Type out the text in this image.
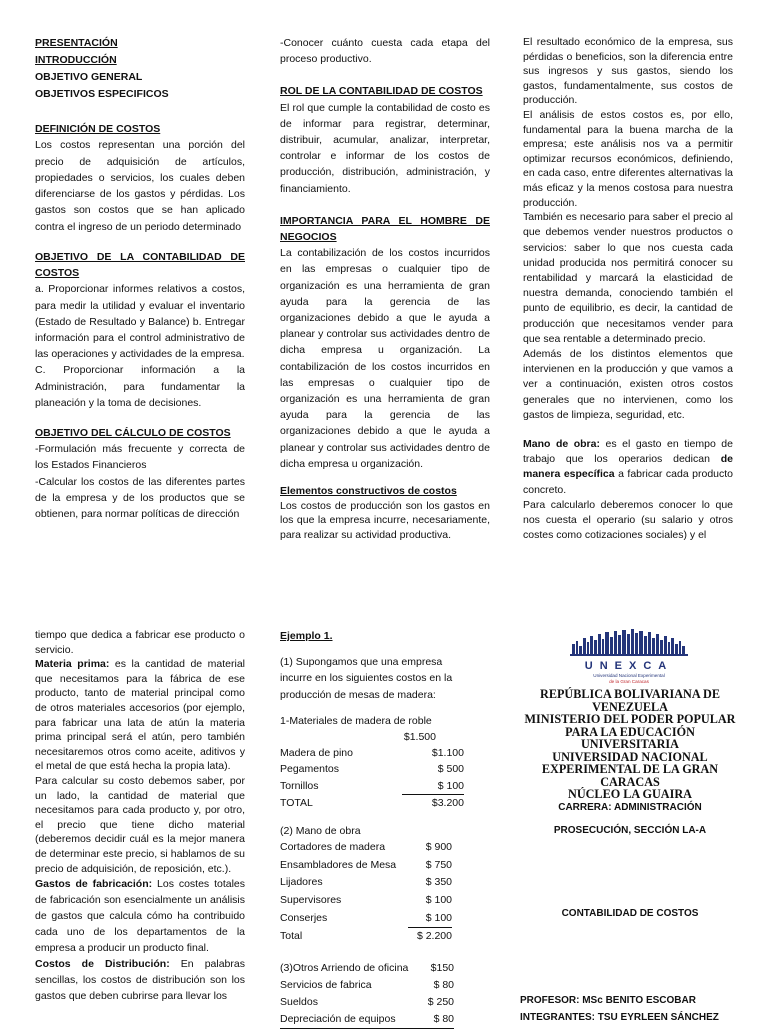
PRESENTACIÓN

INTRODUCCIÓN

OBJETIVO GENERAL

OBJETIVOS ESPECIFICOS

DEFINICIÓN DE COSTOS

Los costos representan una porción del precio de adquisición de artículos, propiedades o servicios, los cuales deben diferenciarse de los gastos y pérdidas. Los gastos son costos que se han aplicado contra el ingreso de un periodo determinado

OBJETIVO DE LA CONTABILIDAD DE COSTOS

a. Proporcionar informes relativos a costos, para medir la utilidad y evaluar el inventario (Estado de Resultado y Balance) b. Entregar información para el control administrativo de las operaciones y actividades de la empresa.

C. Proporcionar información a la Administración, para fundamentar la planeación y la toma de decisiones.

OBJETIVO DEL CÁLCULO DE COSTOS

-Formulación más frecuente y correcta de los Estados Financieros

-Calcular los costos de las diferentes partes de la empresa y de los productos que se obtienen, para normar políticas de dirección

-Conocer cuánto cuesta cada etapa del proceso productivo.

ROL DE LA CONTABILIDAD DE COSTOS

El rol que cumple la contabilidad de costo es de informar para registrar, determinar, distribuir, acumular, analizar, interpretar, controlar e informar de los costos de producción, distribución, administración, y financiamiento.

IMPORTANCIA PARA EL HOMBRE DE NEGOCIOS

La contabilización de los costos incurridos en las empresas o cualquier tipo de organización es una herramienta de gran ayuda para la gerencia de las organizaciones debido a que le ayuda a planear y controlar sus actividades dentro de dicha empresa u organización. La contabilización de los costos incurridos en las empresas o cualquier tipo de organización es una herramienta de gran ayuda para la gerencia de las organizaciones debido a que le ayuda a planear y controlar sus actividades dentro de dicha empresa u organización.

Elementos constructivos de costos

Los costos de producción son los gastos en los que la empresa incurre, necesariamente, para realizar su actividad productiva.

El resultado económico de la empresa, sus pérdidas o beneficios, son la diferencia entre sus ingresos y sus gastos, siendo los gastos, fundamentalmente, sus costos de producción.

El análisis de estos costos es, por ello, fundamental para la buena marcha de la empresa; este análisis nos va a permitir optimizar recursos económicos, definiendo, en cada caso, entre diferentes alternativas la más eficaz y la menos costosa para nuestra producción.

También es necesario para saber el precio al que debemos vender nuestros productos o servicios: saber lo que nos cuesta cada unidad producida nos permitirá conocer su rentabilidad y marcará la elasticidad de nuestra demanda, conociendo también el punto de equilibrio, es decir, la cantidad de producción que necesitamos vender para que sea rentable a determinado precio.

Además de los distintos elementos que intervienen en la producción y que vamos a ver a continuación, existen otros costos generales que no intervienen, como los gastos de limpieza, seguridad, etc.

Mano de obra: es el gasto en tiempo de trabajo que los operarios dedican de manera específica a fabricar cada producto concreto.

Para calcularlo deberemos conocer lo que nos cuesta el operario (su salario y otros costes como cotizaciones sociales) y el

tiempo que dedica a fabricar ese producto o servicio.

Materia prima: es la cantidad de material que necesitamos para la fábrica de ese producto, tanto de material principal como de otros materiales accesorios (por ejemplo, para fabricar una lata de atún la materia prima principal será el atún, pero también necesitaremos otros como aceite, aditivos y el metal de que está hecha la propia lata).

Para calcular su costo debemos saber, por un lado, la cantidad de material que necesitamos para cada producto y, por otro, el precio que tiene dicho material (deberemos decidir cuál es la mejor manera de determinar este precio, si hablamos de su precio de adquisición, de reposición, etc.).

Gastos de fabricación: Los costes totales de fabricación son esencialmente un análisis de gastos que calcula cómo ha contribuido cada uno de los departamentos de la empresa a producir un producto final.

Costos de Distribución: En palabras sencillas, los costos de distribución son los gastos que deben cubrirse para llevar los

Ejemplo 1.

(1) Supongamos que una empresa incurre en los siguientes costos en la producción de mesas de madera:

1-Materiales de madera de roble

$1.500
Madera de pino	$1.100
Pegamentos	$ 500
Tornillos	$ 100
TOTAL	$3.200

(2) Mano de obra

Cortadores de madera	$ 900
Ensambladores de Mesa	$ 750
Lijadores	$ 350
Supervisores	$ 100
Conserjes	$ 100
Total	$ 2.200
(3)Otros Arriendo de oficina	$150
Servicios de fabrica	$ 80
Sueldos	$ 250
Depreciación de equipos	$ 80
UNEXCA
Universidad Nacional Experimental
de la Gran Caracas
REPÚBLICA BOLIVARIANA DE
VENEZUELA
MINISTERIO DEL PODER POPULAR
PARA LA EDUCACIÓN
UNIVERSITARIA
UNIVERSIDAD NACIONAL
EXPERIMENTAL DE LA GRAN
CARACAS
NÚCLEO LA GUAIRA
CARRERA: ADMINISTRACIÓN
PROSECUCIÓN, SECCIÓN LA-A
CONTABILIDAD DE COSTOS
PROFESOR: MSc BENITO ESCOBAR
INTEGRANTES: TSU EYRLEEN SÁNCHEZ
